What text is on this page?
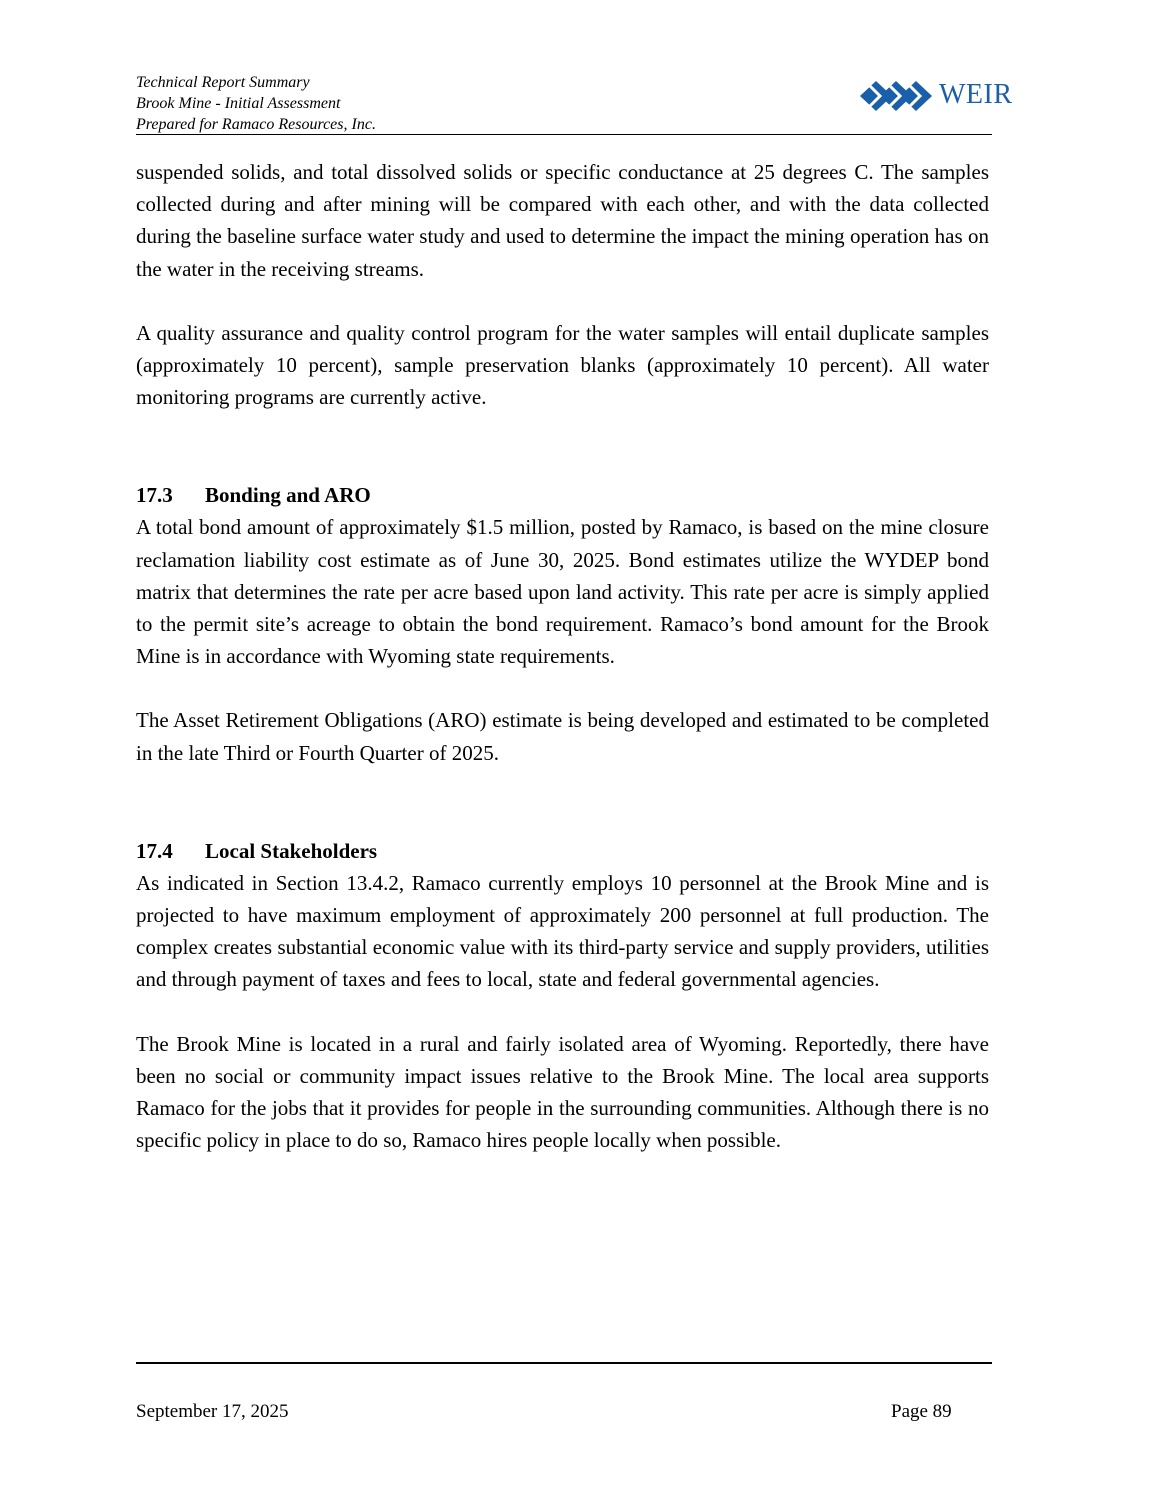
Technical Report Summary
Brook Mine - Initial Assessment
Prepared for Ramaco Resources, Inc.
WEIR

suspended solids, and total dissolved solids or specific conductance at 25 degrees C. The samples collected during and after mining will be compared with each other, and with the data collected during the baseline surface water study and used to determine the impact the mining operation has on the water in the receiving streams.

A quality assurance and quality control program for the water samples will entail duplicate samples (approximately 10 percent), sample preservation blanks (approximately 10 percent). All water monitoring programs are currently active.

17.3 Bonding and ARO

A total bond amount of approximately $1.5 million, posted by Ramaco, is based on the mine closure reclamation liability cost estimate as of June 30, 2025. Bond estimates utilize the WYDEP bond matrix that determines the rate per acre based upon land activity. This rate per acre is simply applied to the permit site’s acreage to obtain the bond requirement. Ramaco’s bond amount for the Brook Mine is in accordance with Wyoming state requirements.

The Asset Retirement Obligations (ARO) estimate is being developed and estimated to be completed in the late Third or Fourth Quarter of 2025.

17.4 Local Stakeholders

As indicated in Section 13.4.2, Ramaco currently employs 10 personnel at the Brook Mine and is projected to have maximum employment of approximately 200 personnel at full production. The complex creates substantial economic value with its third-party service and supply providers, utilities and through payment of taxes and fees to local, state and federal governmental agencies.

The Brook Mine is located in a rural and fairly isolated area of Wyoming. Reportedly, there have been no social or community impact issues relative to the Brook Mine. The local area supports Ramaco for the jobs that it provides for people in the surrounding communities. Although there is no specific policy in place to do so, Ramaco hires people locally when possible.

September 17, 2025	Page 89
